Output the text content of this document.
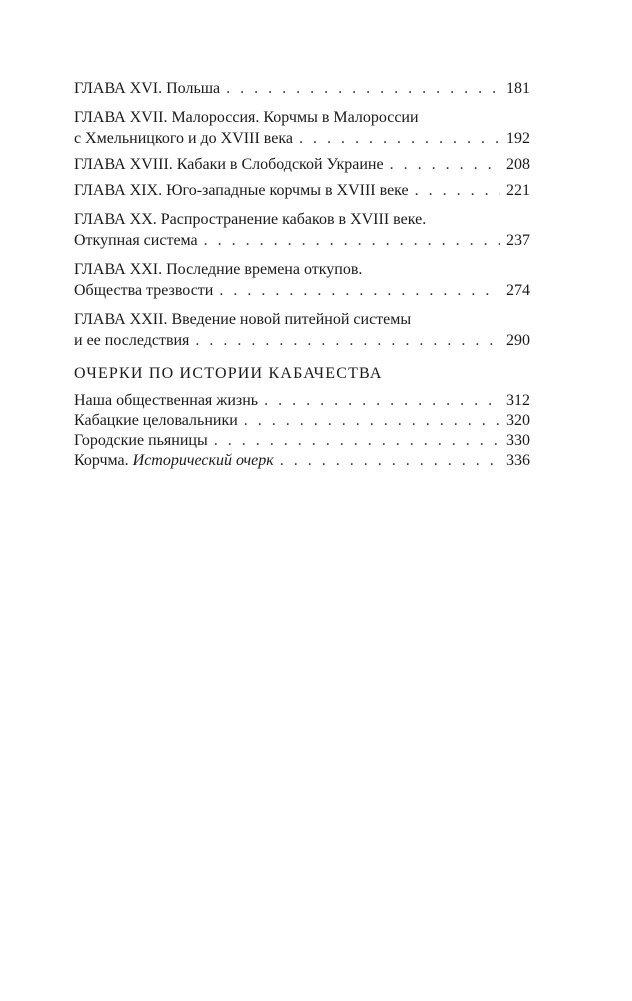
ГЛАВА XVI. Польша . . .	181
ГЛАВА XVII. Малороссия. Корчмы в Малороссии
с Хмельницкого и до XVIII века . . .	192
ГЛАВА XVIII. Кабаки в Слободской Украине . . .	208
ГЛАВА XIX. Юго-западные корчмы в XVIII веке . . .	221
ГЛАВА XX. Распространение кабаков в XVIII веке.
Откупная система . . .	237
ГЛАВА XXI. Последние времена откупов.
Общества трезвости . . .	274
ГЛАВА XXII. Введение новой питейной системы
и ее последствия . . .	290
ОЧЕРКИ ПО ИСТОРИИ КАБАЧЕСТВА
Наша общественная жизнь . . .	312
Кабацкие целовальники . . .	320
Городские пьяницы . . .	330
Корчма. Исторический очерк . . .	336
